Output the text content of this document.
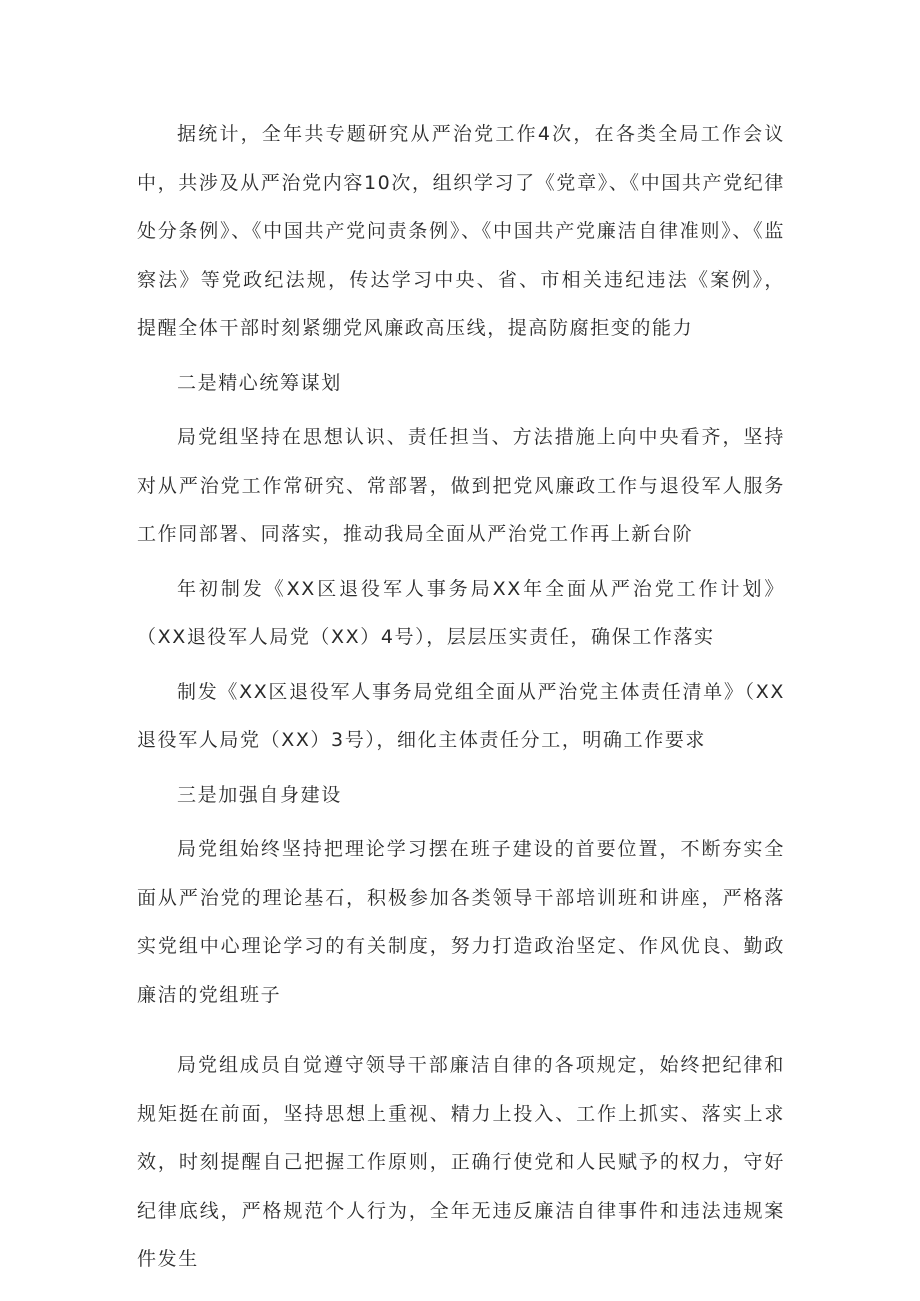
据统计，全年共专题研究从严治党工作4次，在各类全局工作会议中，共涉及从严治党内容10次，组织学习了《党章》、《中国共产党纪律处分条例》、《中国共产党问责条例》、《中国共产党廉洁自律准则》、《监察法》等党政纪法规，传达学习中央、省、市相关违纪违法《案例》，提醒全体干部时刻紧绷党风廉政高压线，提高防腐拒变的能力

二是精心统筹谋划

局党组坚持在思想认识、责任担当、方法措施上向中央看齐，坚持对从严治党工作常研究、常部署，做到把党风廉政工作与退役军人服务工作同部署、同落实，推动我局全面从严治党工作再上新台阶

年初制发《XX区退役军人事务局XX年全面从严治党工作计划》（XX退役军人局党（XX）4号），层层压实责任，确保工作落实

制发《XX区退役军人事务局党组全面从严治党主体责任清单》（XX退役军人局党（XX）3号），细化主体责任分工，明确工作要求

三是加强自身建设

局党组始终坚持把理论学习摆在班子建设的首要位置，不断夯实全面从严治党的理论基石，积极参加各类领导干部培训班和讲座，严格落实党组中心理论学习的有关制度，努力打造政治坚定、作风优良、勤政廉洁的党组班子

局党组成员自觉遵守领导干部廉洁自律的各项规定，始终把纪律和规矩挺在前面，坚持思想上重视、精力上投入、工作上抓实、落实上求效，时刻提醒自己把握工作原则，正确行使党和人民赋予的权力，守好纪律底线，严格规范个人行为，全年无违反廉洁自律事件和违法违规案件发生
